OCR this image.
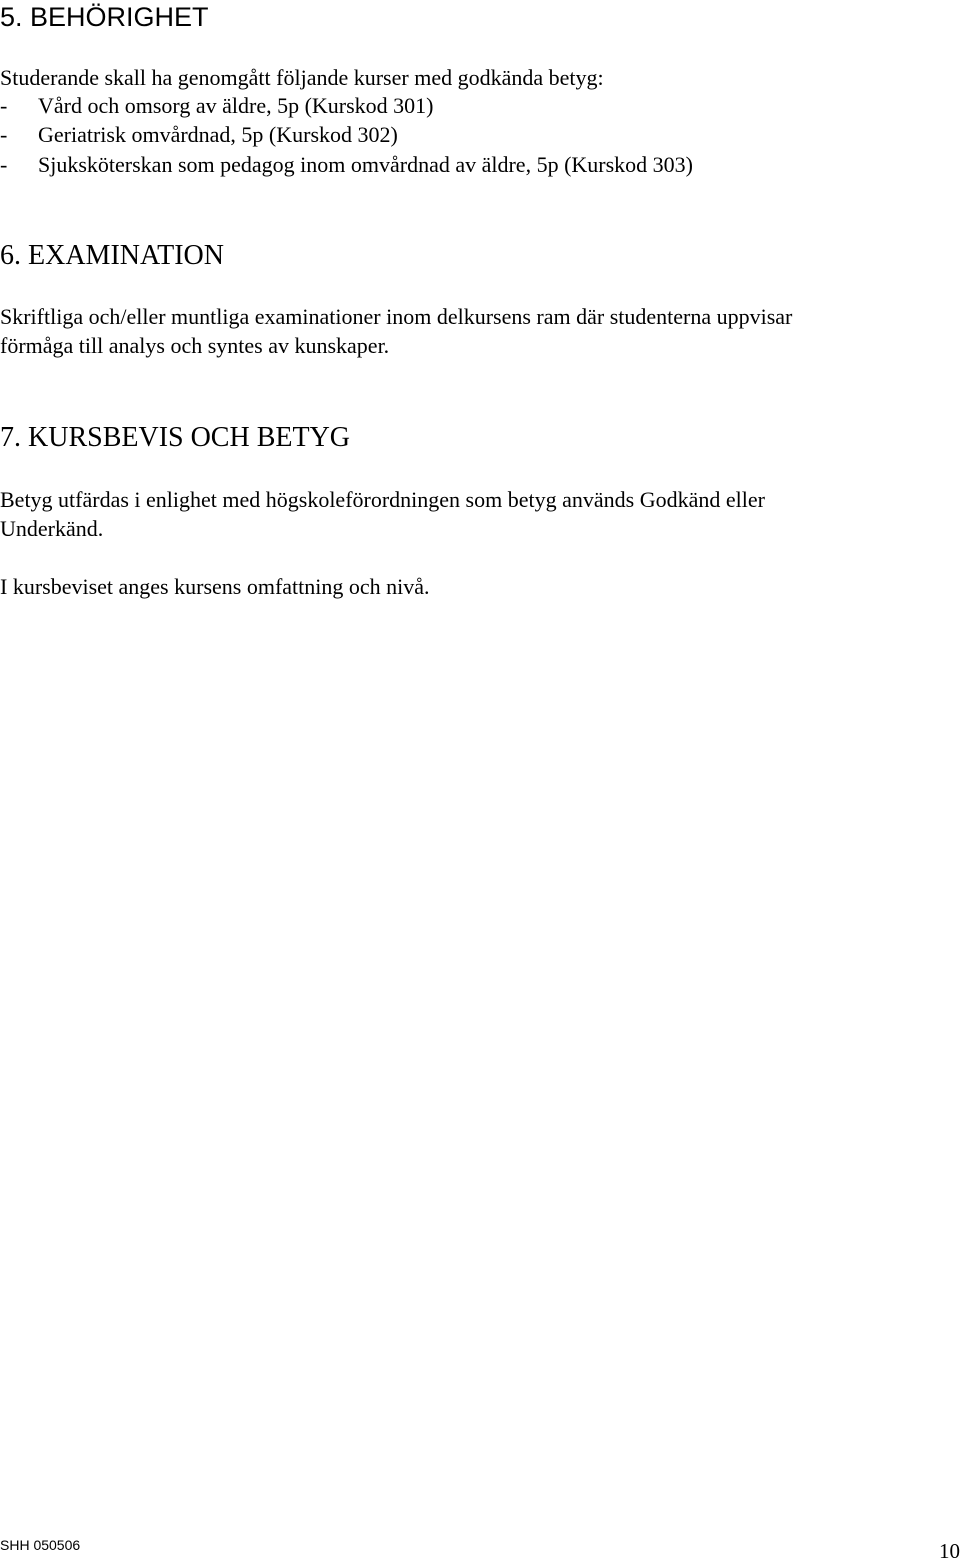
5. BEHÖRIGHET
Studerande skall ha genomgått följande kurser med godkända betyg:
- Vård och omsorg av äldre, 5p (Kurskod 301)
- Geriatrisk omvårdnad, 5p (Kurskod 302)
- Sjuksköterskan som pedagog inom omvårdnad av äldre, 5p (Kurskod 303)
6. EXAMINATION
Skriftliga och/eller muntliga examinationer inom delkursens ram där studenterna uppvisar
förmåga till analys och syntes av kunskaper.
7. KURSBEVIS OCH BETYG
Betyg utfärdas i enlighet med högskoleförordningen som betyg används Godkänd eller
Underkänd.
I kursbeviset anges kursens omfattning och nivå.
SHH 050506	10
